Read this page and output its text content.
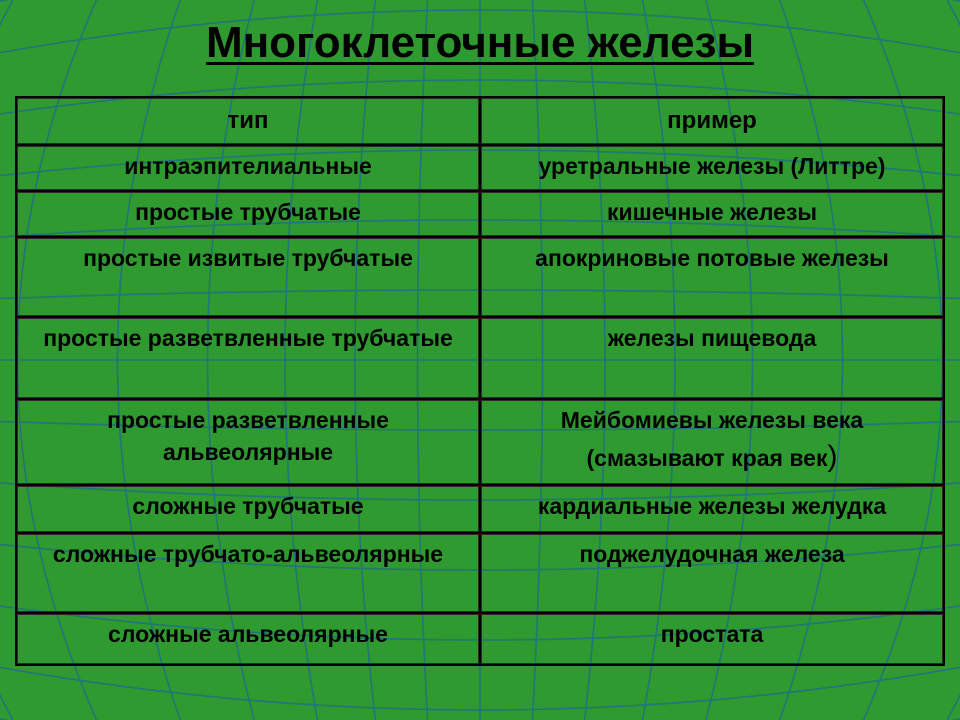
Многоклеточные железы
тип	пример
интраэпителиальные	уретральные железы (Литтре)
простые трубчатые	кишечные железы
простые извитые трубчатые	апокриновые потовые железы
простые разветвленные трубчатые	железы пищевода
простые разветвленные альвеолярные	Мейбомиевы железы века (смазывают края век)
сложные трубчатые	кардиальные железы желудка
сложные трубчато-альвеолярные	поджелудочная железа
сложные альвеолярные	простата
